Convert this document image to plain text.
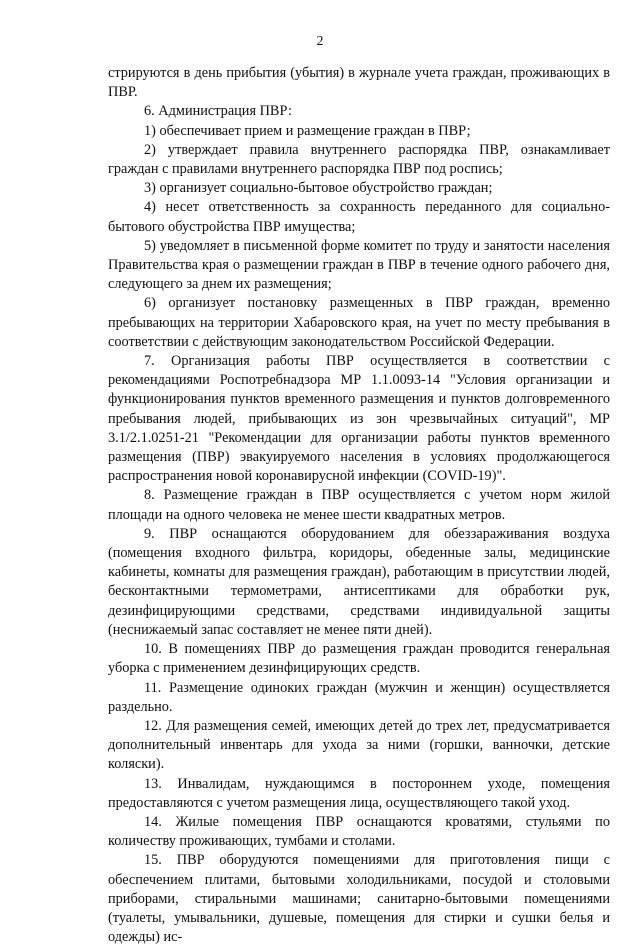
2

стрируются в день прибытия (убытия) в журнале учета граждан, проживающих в ПВР.

6. Администрация ПВР:

1) обеспечивает прием и размещение граждан в ПВР;

2) утверждает правила внутреннего распорядка ПВР, ознакамливает граждан с правилами внутреннего распорядка ПВР под роспись;

3) организует социально-бытовое обустройство граждан;

4) несет ответственность за сохранность переданного для социально-бытового обустройства ПВР имущества;

5) уведомляет в письменной форме комитет по труду и занятости населения Правительства края о размещении граждан в ПВР в течение одного рабочего дня, следующего за днем их размещения;

6) организует постановку размещенных в ПВР граждан, временно пребывающих на территории Хабаровского края, на учет по месту пребывания в соответствии с действующим законодательством Российской Федерации.

7. Организация работы ПВР осуществляется в соответствии с рекомендациями Роспотребнадзора МР 1.1.0093-14 "Условия организации и функционирования пунктов временного размещения и пунктов долговременного пребывания людей, прибывающих из зон чрезвычайных ситуаций", МР 3.1/2.1.0251-21 "Рекомендации для организации работы пунктов временного размещения (ПВР) эвакуируемого населения в условиях продолжающегося распространения новой коронавирусной инфекции (COVID-19)".

8. Размещение граждан в ПВР осуществляется с учетом норм жилой площади на одного человека не менее шести квадратных метров.

9. ПВР оснащаются оборудованием для обеззараживания воздуха (помещения входного фильтра, коридоры, обеденные залы, медицинские кабинеты, комнаты для размещения граждан), работающим в присутствии людей, бесконтактными термометрами, антисептиками для обработки рук, дезинфицирующими средствами, средствами индивидуальной защиты (неснижаемый запас составляет не менее пяти дней).

10. В помещениях ПВР до размещения граждан проводится генеральная уборка с применением дезинфицирующих средств.

11. Размещение одиноких граждан (мужчин и женщин) осуществляется раздельно.

12. Для размещения семей, имеющих детей до трех лет, предусматривается дополнительный инвентарь для ухода за ними (горшки, ванночки, детские коляски).

13. Инвалидам, нуждающимся в постороннем уходе, помещения предоставляются с учетом размещения лица, осуществляющего такой уход.

14. Жилые помещения ПВР оснащаются кроватями, стульями по количеству проживающих, тумбами и столами.

15. ПВР оборудуются помещениями для приготовления пищи с обеспечением плитами, бытовыми холодильниками, посудой и столовыми приборами, стиральными машинами; санитарно-бытовыми помещениями (туалеты, умывальники, душевые, помещения для стирки и сушки белья и одежды) ис-
